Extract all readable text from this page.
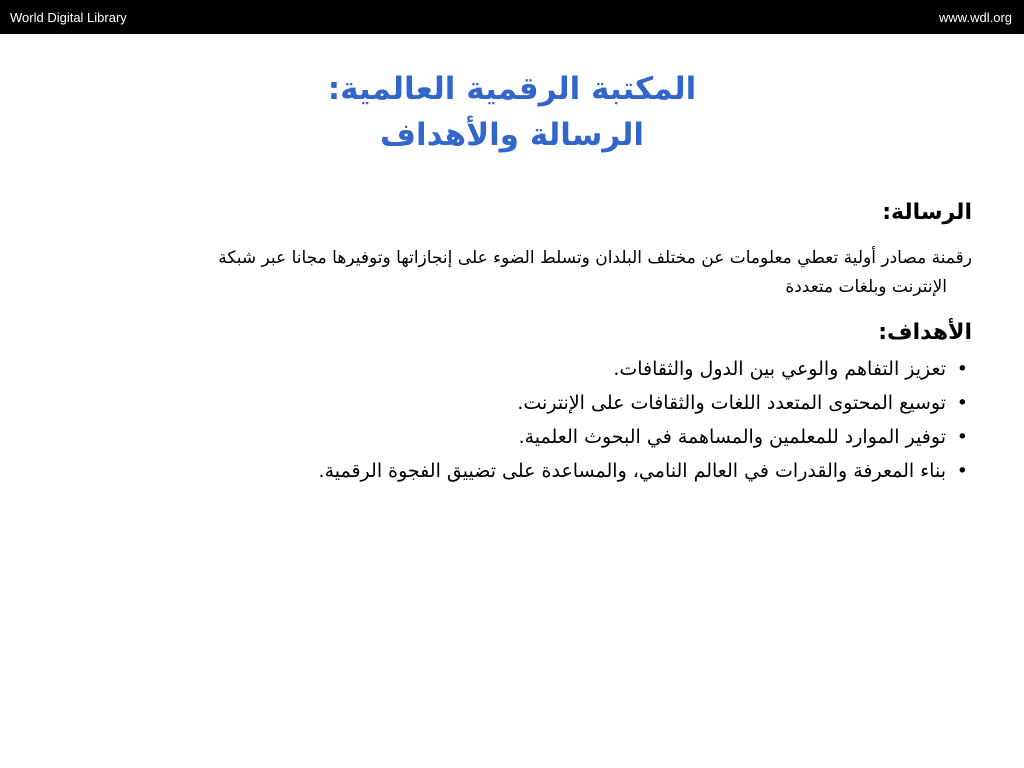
World Digital Library	www.wdl.org
المكتبة الرقمية العالمية:
الرسالة والأهداف
الرسالة:
رقمنة مصادر أولية تعطي معلومات عن مختلف البلدان وتسلط الضوء على إنجازاتها وتوفيرها مجانا عبر شبكة
الإنترنت وبلغات متعددة
الأهداف:
•
تعزيز التفاهم والوعي بين الدول والثقافات.
•
توسيع المحتوى المتعدد اللغات والثقافات على الإنترنت.
•
توفير الموارد للمعلمين والمساهمة في البحوث العلمية.
•
بناء المعرفة والقدرات في العالم النامي، والمساعدة على تضييق الفجوة الرقمية.
